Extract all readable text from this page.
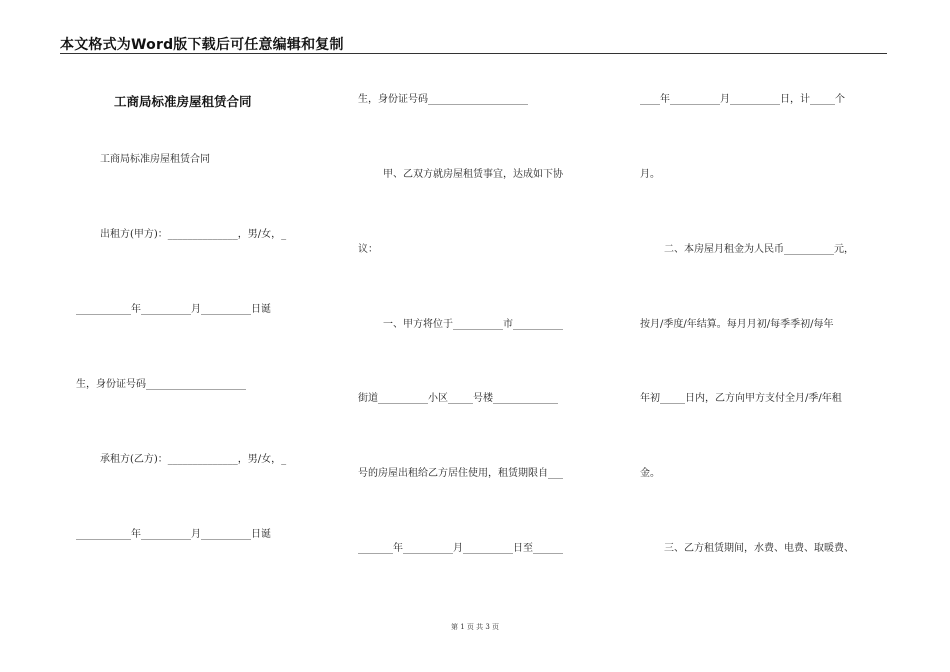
本文格式为Word版下载后可任意编辑和复制
工商局标准房屋租赁合同
工商局标准房屋租赁合同
出租方(甲方)：______________，男/女，_
___________年__________月__________日诞
生，身份证号码____________________
承租方(乙方)：______________，男/女，_
___________年__________月__________日诞
生，身份证号码____________________
甲、乙双方就房屋租赁事宜，达成如下协
议：
一、甲方将位于__________市__________
街道__________小区_____号楼_____________
号的房屋出租给乙方居住使用，租赁期限自___
_______年__________月__________日至______
____年__________月__________日，计_____个
月。
二、本房屋月租金为人民币__________元，
按月/季度/年结算。每月月初/每季季初/每年
年初_____日内，乙方向甲方支付全月/季/年租
金。
三、乙方租赁期间，水费、电费、取暖费、
第 1 页 共 3 页
